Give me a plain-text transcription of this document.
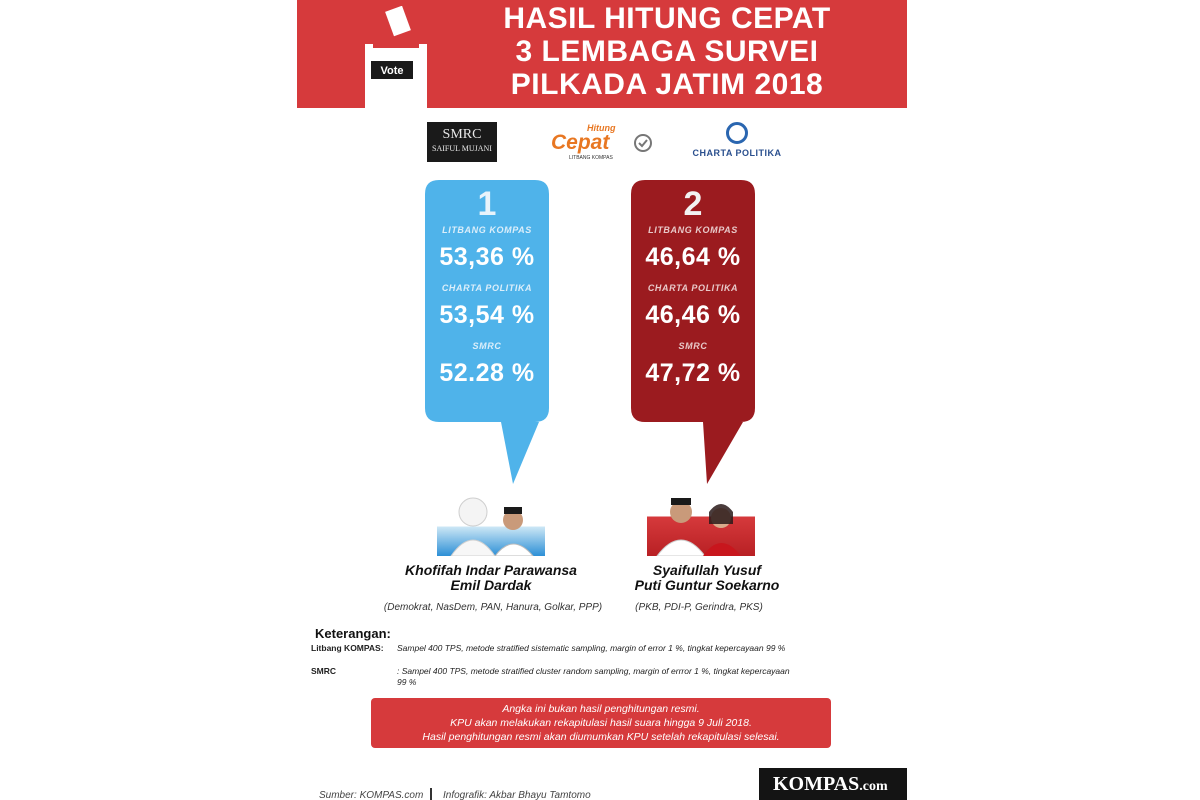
Vote
HASIL HITUNG CEPAT
3 LEMBAGA SURVEI
PILKADA JATIM 2018
SMRC
SAIFUL MUJANI
Hitung
Cepat
LITBANG KOMPAS	CHARTA POLITIKA
1
LITBANG KOMPAS
53,36 %
CHARTA POLITIKA
53,54 %
SMRC
52.28 %
2
LITBANG KOMPAS
46,64 %
CHARTA POLITIKA
46,46 %
SMRC
47,72 %
Khofifah Indar Parawansa
Emil Dardak
Syaifullah Yusuf
Puti Guntur Soekarno
(Demokrat, NasDem, PAN, Hanura, Golkar, PPP)	(PKB, PDI-P, Gerindra, PKS)
Keterangan:
Litbang KOMPAS:	Sampel 400 TPS, metode stratified sistematic sampling, margin of error 1 %, tingkat kepercayaan 99 %
SMRC	: Sampel 400 TPS, metode stratified cluster random sampling, margin of errror 1 %, tingkat kepercayaan 99 %
Angka ini bukan hasil penghitungan resmi.
KPU akan melakukan rekapitulasi hasil suara hingga 9 Juli 2018.
Hasil penghitungan resmi akan diumumkan KPU setelah rekapitulasi selesai.
Sumber: KOMPAS.com Infografik: Akbar Bhayu Tamtomo
KOMPAS.com
